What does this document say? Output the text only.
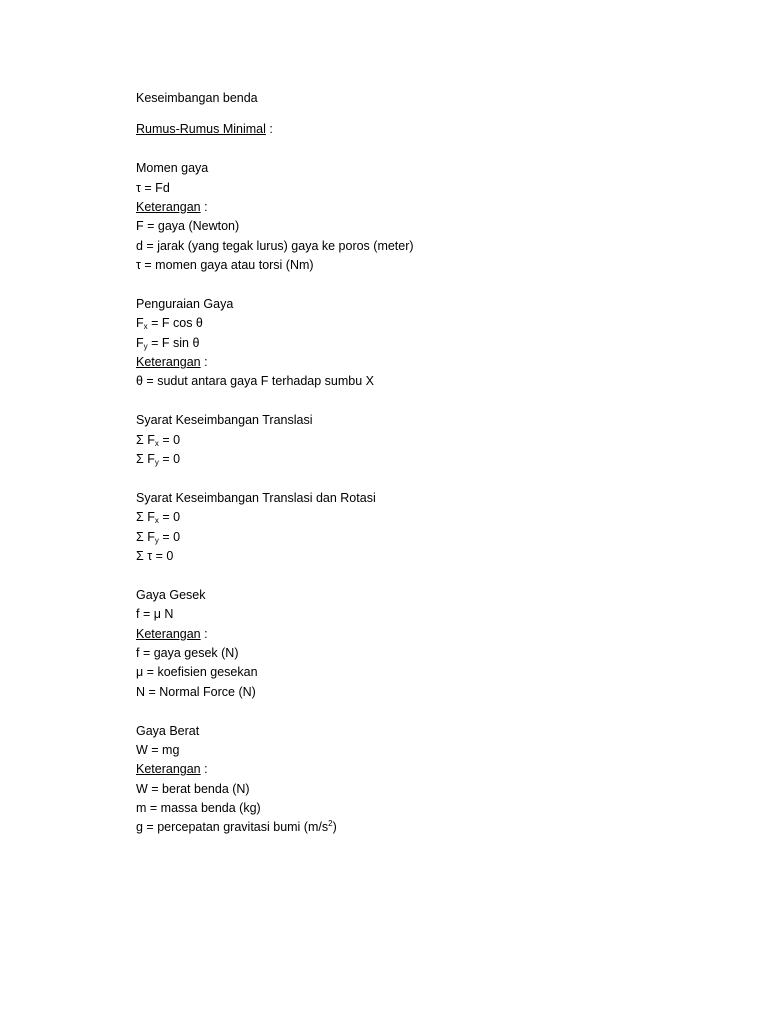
Keseimbangan benda
Rumus-Rumus Minimal :
Momen gaya
τ = Fd
Keterangan :
F = gaya (Newton)
d = jarak (yang tegak lurus) gaya ke poros (meter)
τ = momen gaya atau torsi (Nm)
Penguraian Gaya
$F_x = F$ cos θ
$F_y = F$ sin θ
Keterangan :
θ = sudut antara gaya F terhadap sumbu X
Syarat Keseimbangan Translasi
Σ $F_x = 0$
Σ $F_y = 0$
Syarat Keseimbangan Translasi dan Rotasi
Σ $F_x = 0$
Σ $F_y = 0$
Σ τ = 0
Gaya Gesek
f = μ N
Keterangan :
f = gaya gesek (N)
μ = koefisien gesekan
N = Normal Force (N)
Gaya Berat
W = mg
Keterangan :
W = berat benda (N)
m = massa benda (kg)
g = percepatan gravitasi bumi $(m/s^2)$
